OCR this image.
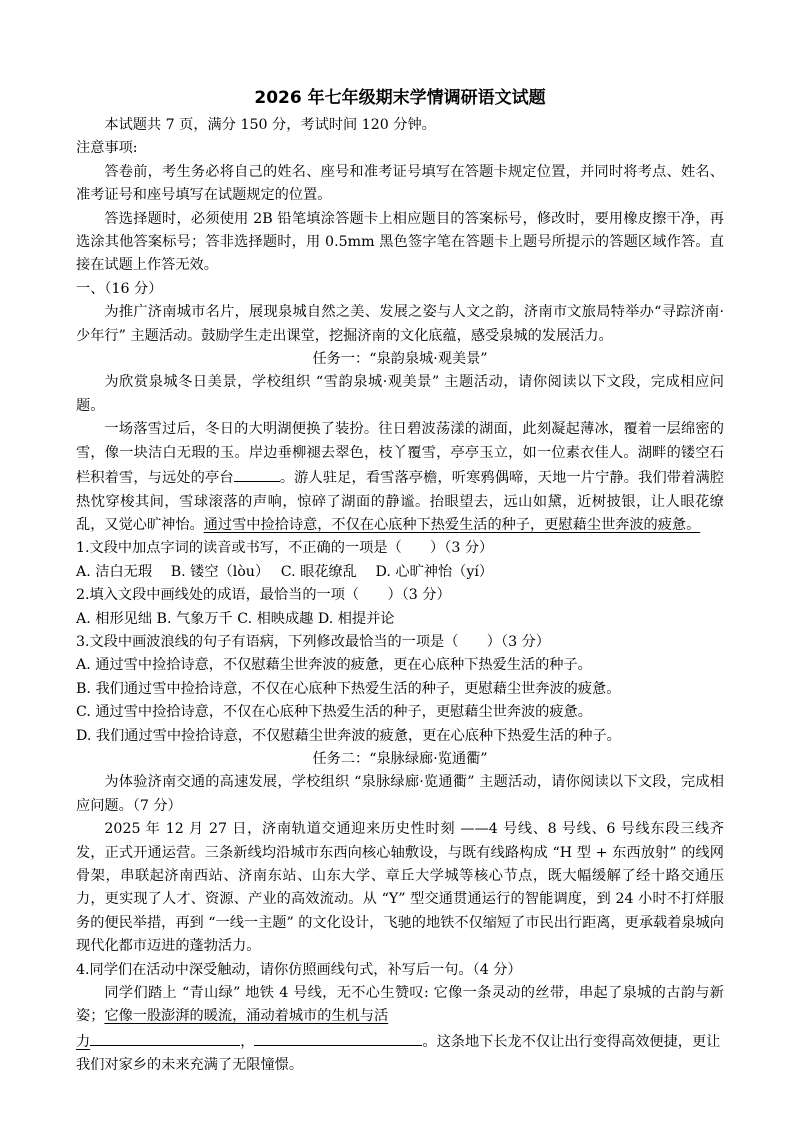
2026 年七年级期末学情调研语文试题

本试题共 7 页，满分 150 分，考试时间 120 分钟。

注意事项:

答卷前，考生务必将自己的姓名、座号和准考证号填写在答题卡规定位置，并同时将考点、姓名、准考证号和座号填写在试题规定的位置。

答选择题时，必须使用 2B 铅笔填涂答题卡上相应题目的答案标号，修改时，要用橡皮擦干净，再选涂其他答案标号；答非选择题时，用 0.5mm 黑色签字笔在答题卡上题号所提示的答题区域作答。直接在试题上作答无效。

一、（16 分）

为推广济南城市名片，展现泉城自然之美、发展之姿与人文之韵，济南市文旅局特举办“寻踪济南·少年行” 主题活动。鼓励学生走出课堂，挖掘济南的文化底蕴，感受泉城的发展活力。

任务一：“泉韵泉城·观美景”

为欣赏泉城冬日美景，学校组织 “雪韵泉城·观美景” 主题活动，请你阅读以下文段，完成相应问题。

一场落雪过后，冬日的大明湖便换了装扮。往日碧波荡漾的湖面，此刻凝起薄冰，覆着一层绵密的雪，像一块洁白无瑕的玉。岸边垂柳褪去翠色，枝丫覆雪，亭亭玉立，如一位素衣佳人。湖畔的镂空石栏积着雪，与远处的亭台	。游人驻足，看雪落亭檐，听寒鸦偶啼，天地一片宁静。我们带着满腔热忱穿梭其间，雪球滚落的声响，惊碎了湖面的静谧。抬眼望去，远山如黛，近树披银，让人眼花缭乱，又觉心旷神怡。通过雪中捡拾诗意，不仅在心底种下热爱生活的种子，更慰藉尘世奔波的疲惫。

1.文段中加点字词的读音或书写，不正确的一项是（　　）（3 分）

A. 洁白无瑕　 B. 镂空（lòu）　 C. 眼花缭乱　 D. 心旷神怡（yí）

2.填入文段中画线处的成语，最恰当的一项（　　）（3 分）

A. 相形见绌 B. 气象万千 C. 相映成趣 D. 相提并论

3.文段中画波浪线的句子有语病，下列修改最恰当的一项是（　　）（3 分）

A. 通过雪中捡拾诗意，不仅慰藉尘世奔波的疲惫，更在心底种下热爱生活的种子。

B. 我们通过雪中捡拾诗意，不仅在心底种下热爱生活的种子，更慰藉尘世奔波的疲惫。

C. 通过雪中捡拾诗意，不仅在心底种下热爱生活的种子，更慰藉尘世奔波的疲惫。

D. 我们通过雪中捡拾诗意，不仅慰藉尘世奔波的疲惫，更在心底种下热爱生活的种子。

任务二：“泉脉绿廊·览通衢”

为体验济南交通的高速发展，学校组织 “泉脉绿廊·览通衢” 主题活动，请你阅读以下文段，完成相应问题。（7 分）

2025 年 12 月 27 日，济南轨道交通迎来历史性时刻 ——4 号线、8 号线、6 号线东段三线齐发，正式开通运营。三条新线均沿城市东西向核心轴敷设，与既有线路构成 “H 型 + 东西放射” 的线网骨架，串联起济南西站、济南东站、山东大学、章丘大学城等核心节点，既大幅缓解了经十路交通压力，更实现了人才、资源、产业的高效流动。从 “Y” 型交通贯通运行的智能调度，到 24 小时不打烊服务的便民举措，再到 “一线一主题” 的文化设计，飞驰的地铁不仅缩短了市民出行距离，更承载着泉城向现代化都市迈进的蓬勃活力。

4.同学们在活动中深受触动，请你仿照画线句式，补写后一句。（4 分）

同学们踏上 “青山绿” 地铁 4 号线，无不心生赞叹: 它像一条灵动的丝带，串起了泉城的古韵与新姿；它像一股澎湃的暖流，涌动着城市的生机与活

力	，	。这条地下长龙不仅让出行变得高效便捷，更让我们对家乡的未来充满了无限憧憬。
